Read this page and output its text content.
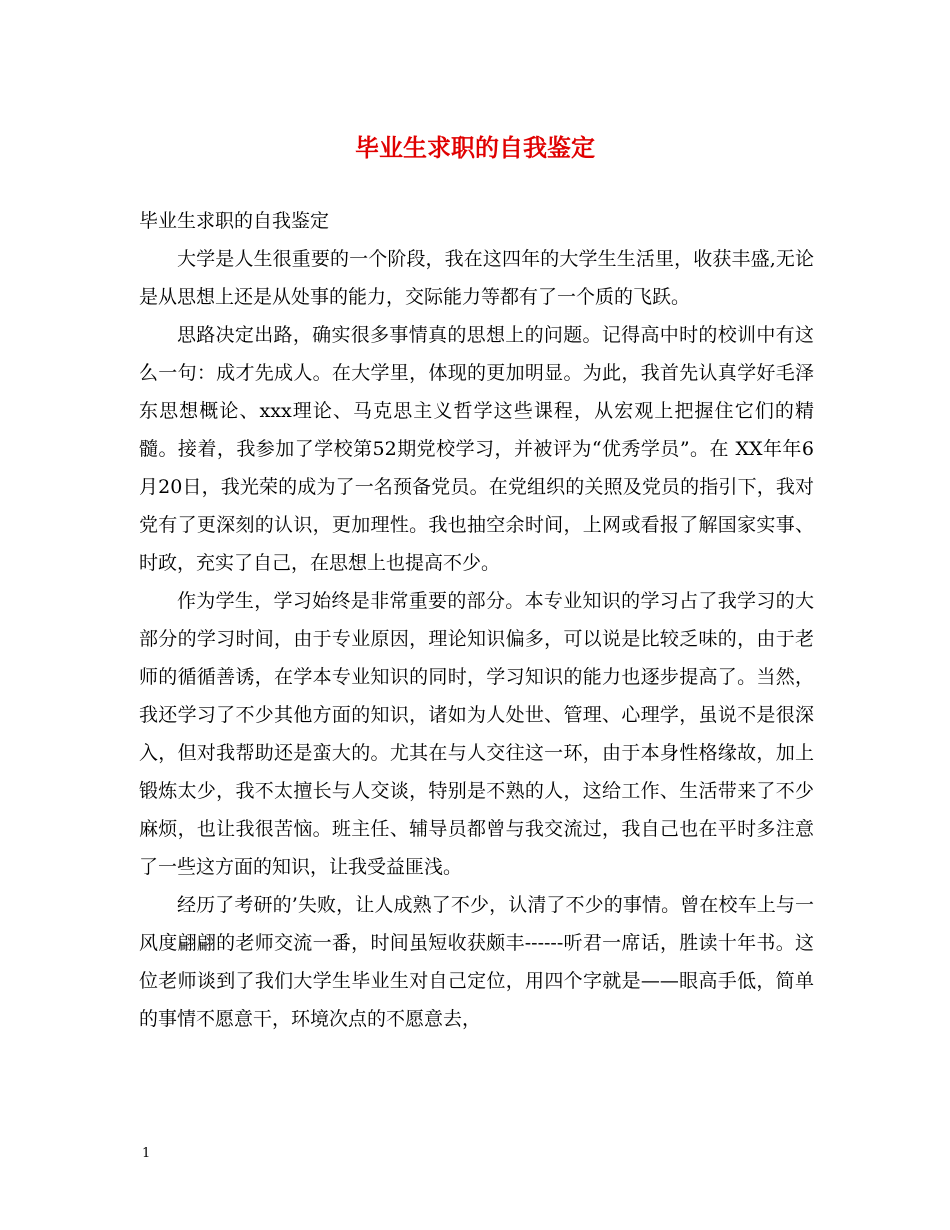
毕业生求职的自我鉴定

毕业生求职的自我鉴定

大学是人生很重要的一个阶段，我在这四年的大学生生活里，收获丰盛,无论是从思想上还是从处事的能力，交际能力等都有了一个质的飞跃。

思路决定出路，确实很多事情真的思想上的问题。记得高中时的校训中有这么一句：成才先成人。在大学里，体现的更加明显。为此，我首先认真学好毛泽东思想概论、xxx理论、马克思主义哲学这些课程，从宏观上把握住它们的精髓。接着，我参加了学校第52期党校学习，并被评为“优秀学员”。在 XX年年6月20日，我光荣的成为了一名预备党员。在党组织的关照及党员的指引下，我对党有了更深刻的认识，更加理性。我也抽空余时间，上网或看报了解国家实事、时政，充实了自己，在思想上也提高不少。

作为学生，学习始终是非常重要的部分。本专业知识的学习占了我学习的大部分的学习时间，由于专业原因，理论知识偏多，可以说是比较乏味的，由于老师的循循善诱，在学本专业知识的同时，学习知识的能力也逐步提高了。当然，我还学习了不少其他方面的知识，诸如为人处世、管理、心理学，虽说不是很深入，但对我帮助还是蛮大的。尤其在与人交往这一环，由于本身性格缘故，加上锻炼太少，我不太擅长与人交谈，特别是不熟的人，这给工作、生活带来了不少麻烦，也让我很苦恼。班主任、辅导员都曾与我交流过，我自己也在平时多注意了一些这方面的知识，让我受益匪浅。

经历了考研的’失败，让人成熟了不少，认清了不少的事情。曾在校车上与一风度翩翩的老师交流一番，时间虽短收获颇丰------听君一席话，胜读十年书。这位老师谈到了我们大学生毕业生对自己定位，用四个字就是——眼高手低，简单的事情不愿意干，环境次点的不愿意去，

1
